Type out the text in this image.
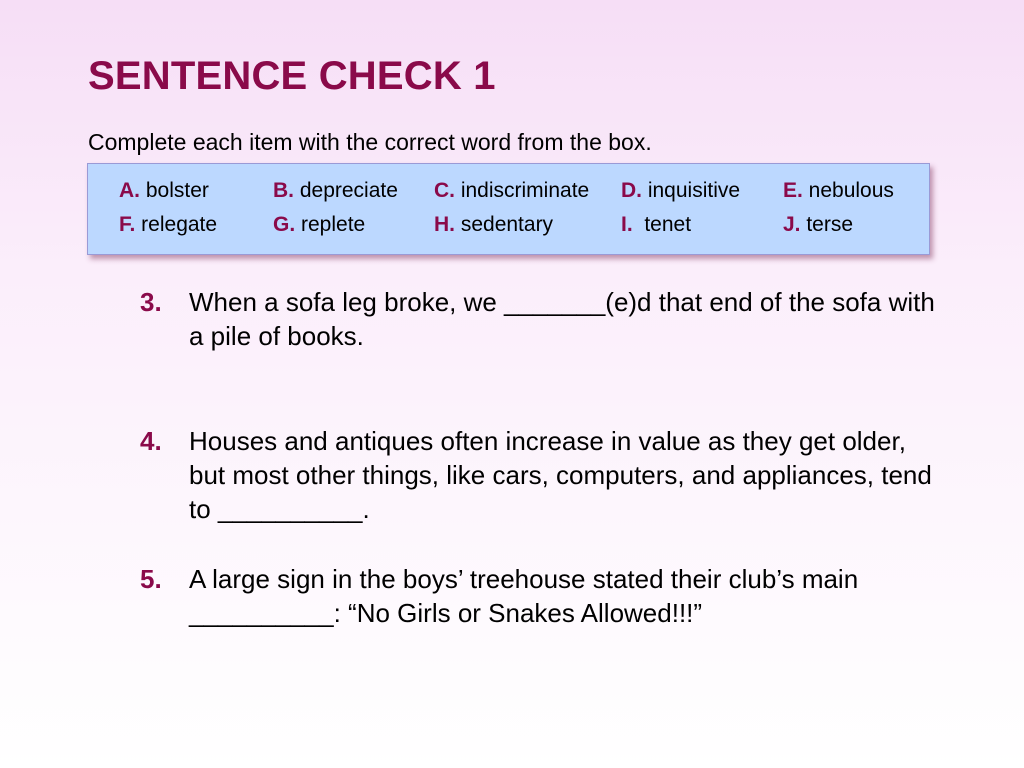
SENTENCE CHECK 1
Complete each item with the correct word from the box.
A. bolster	B. depreciate C. indiscriminate D. inquisitive E. nebulous
F. relegate	G. replete	H. sedentary	I.  tenet	J. terse
3.	When a sofa leg broke, we _______(e)d that end of the sofa with a pile of books.
4.	Houses and antiques often increase in value as they get older, but most other things, like cars, computers, and appliances, tend to __________.
5.	A large sign in the boys’ treehouse stated their club’s main __________: “No Girls or Snakes Allowed!!!”
